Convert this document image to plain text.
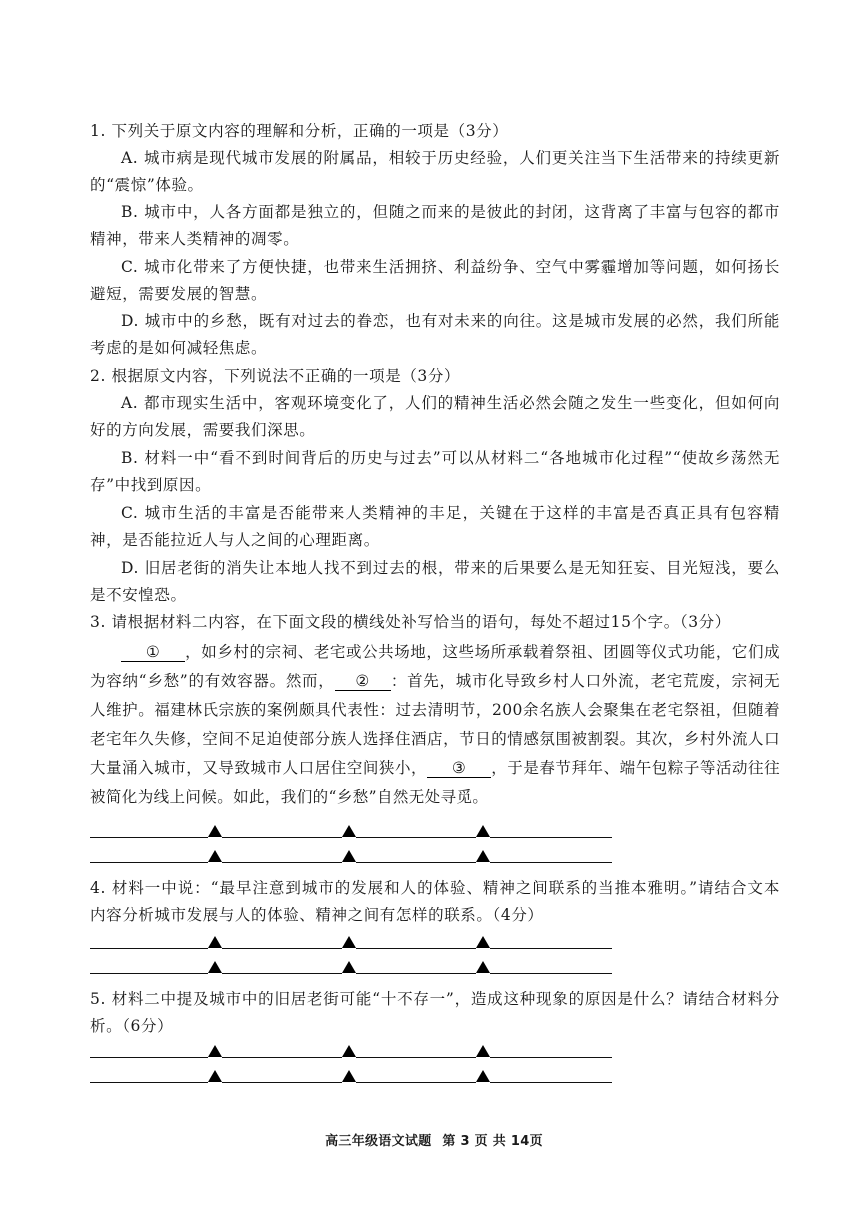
1. 下列关于原文内容的理解和分析，正确的一项是（3分）

A. 城市病是现代城市发展的附属品，相较于历史经验，人们更关注当下生活带来的持续更新的“震惊”体验。

B. 城市中，人各方面都是独立的，但随之而来的是彼此的封闭，这背离了丰富与包容的都市精神，带来人类精神的凋零。

C. 城市化带来了方便快捷，也带来生活拥挤、利益纷争、空气中雾霾增加等问题，如何扬长避短，需要发展的智慧。

D. 城市中的乡愁，既有对过去的眷恋，也有对未来的向往。这是城市发展的必然，我们所能考虑的是如何减轻焦虑。

2. 根据原文内容，下列说法不正确的一项是（3分）

A. 都市现实生活中，客观环境变化了，人们的精神生活必然会随之发生一些变化，但如何向好的方向发展，需要我们深思。

B. 材料一中“看不到时间背后的历史与过去”可以从材料二“各地城市化过程”“使故乡荡然无存”中找到原因。

C. 城市生活的丰富是否能带来人类精神的丰足，关键在于这样的丰富是否真正具有包容精神，是否能拉近人与人之间的心理距离。

D. 旧居老街的消失让本地人找不到过去的根，带来的后果要么是无知狂妄、目光短浅，要么是不安惶恐。

3. 请根据材料二内容，在下面文段的横线处补写恰当的语句，每处不超过15个字。（3分）

① ，如乡村的宗祠、老宅或公共场地，这些场所承载着祭祖、团圆等仪式功能，它们成为容纳“乡愁”的有效容器。然而， ② ：首先，城市化导致乡村人口外流，老宅荒废，宗祠无人维护。福建林氏宗族的案例颇具代表性：过去清明节，200余名族人会聚集在老宅祭祖，但随着老宅年久失修，空间不足迫使部分族人选择住酒店，节日的情感氛围被割裂。其次，乡村外流人口大量涌入城市，又导致城市人口居住空间狭小， ③ ，于是春节拜年、端午包粽子等活动往往被简化为线上问候。如此，我们的“乡愁”自然无处寻觅。

4. 材料一中说：“最早注意到城市的发展和人的体验、精神之间联系的当推本雅明。”请结合文本内容分析城市发展与人的体验、精神之间有怎样的联系。（4分）

5. 材料二中提及城市中的旧居老街可能“十不存一”，造成这种现象的原因是什么？请结合材料分析。（6分）

高三年级语文试题 第 3 页 共 14页
